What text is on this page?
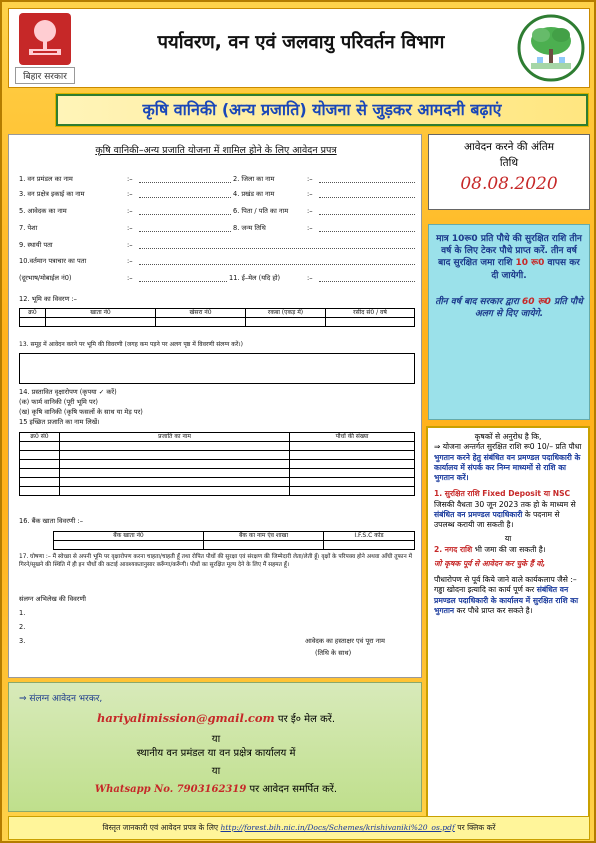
बिहार सरकार
पर्यावरण, वन एवं जलवायु परिवर्तन विभाग
कृषि वानिकी (अन्य प्रजाति) योजना से जुड़कर आमदनी बढ़ाएं
कृषि वानिकी–अन्य प्रजाति योजना में शामिल होने के लिए आवेदन प्रपत्र
1. वन प्रमंडल का नाम	:–	2. जिला का नाम	:–
3. वन प्रक्षेत्र इकाई का नाम	:–	4. प्रखंड का नाम	:–
5. आवेदक का नाम	:–	6. पिता / पति का नाम	:–
7. पेशा	:–	8. जन्म तिथि	:–
9. स्थायी पता	:–
10.वर्तमान पत्राचार का पता	:–
(दूरभाष/मोबाईल नं0)	:–	11. ई–मेल (यदि हो)	:–
12. भूमि का विवरण :–
क्र0	खाता नं0	खेसरा नं0	रकबा (एकड़ में)	रसीद सं0 / वर्ष

13. समूह में आवेदन करने पर भूमि की विवरणी (जगह कम पड़ने पर अलग पृष्ठ में विवरणी संलग्न करें।)
14. प्रस्तावित वृक्षारोपण (कृपया ✓ करें)
(क) फार्म वानिकी (पूरी भूमि पर)
(ख) कृषि वानिकी (कृषि फसलों के साथ या मेड़ पर)
15 इच्छित प्रजाति का नाम लिखें।
क्र0 सं0	प्रजाति का नाम	पौधों की संख्या

16. बैंक खाता विवरणी :–
बैंक खाता नं0	बैंक का नाम एंव शाखा	I.F.S.C कोड

17. घोषणा :– मैं स्वेच्छा से अपनी भूमि पर वृक्षारोपण करना चाहता/चाहती हूँ तथा रोपित पौधों की सुरक्षा एवं संरक्षण की जिम्मेदारी लेता/लेती हूँ। वृक्षों के परिपक्व होने अथवा आँधी तूफान में गिरने/सूखने की स्थिति में ही इन पौधों की कटाई आवश्यकतानुसार करूँगा/करूँगी। पौधों का सुरक्षित मूल्य देने के लिए मैं सहमत हूँ।
संलग्न अभिलेख की विवरणी
1.
2.
3.	आवेदक का हस्ताक्षर एवं पूरा नाम
(तिथि के साथ)
आवेदन करने की अंतिम
तिथि
08.08.2020

मात्र 10रू0 प्रति पौधे की सुरक्षित राशि तीन वर्ष के लिए टेकर पौधे प्राप्त करें. तीन वर्ष बाद सुरक्षित जमा राशि 10 रू0 वापस कर दी जायेगी.

तीन वर्ष बाद सरकार द्वारा 60 रू0 प्रति पौधे अलग से दिए जायेगे.

कृषकों से अनुरोध है कि,
⇒ योजना अन्तर्गत सुरक्षित राशि रू0 10/– प्रति पौधा भुगतान करने हेतु संबंधित वन प्रमण्डल पदाधिकारी के कार्यालय में संपर्क कर निम्न माध्यमों से राशि का भुगतान करें।
1. सुरक्षित राशि Fixed Deposit या NSC जिसकी वैधता 30 जून 2023 तक हो के माध्यम से संबंधित वन प्रमण्डल पदाधिकारी के पदनाम से उपलब्ध करायी जा सकती है।
या
2. नगद राशि भी जमा की जा सकती है।
जो कृषक पूर्व से आवेदन कर चुके हैं वो,
पौधारोपण से पूर्व किये जाने वाले कार्यकलाप जैसे :– गड्ढा खोदना इत्यादि का कार्य पूर्ण कर संबंधित वन प्रमण्डल पदाधिकारी के कार्यालय में सुरक्षित राशि का भुगतान कर पौधे प्राप्त कर सकते है।
⇒ संलग्न आवेदन भरकर,
hariyalimission@gmail.com पर ई० मेल करें.
या
स्थानीय वन प्रमंडल या वन प्रक्षेत्र कार्यालय में
या
Whatsapp No. 7903162319 पर आवेदन समर्पित करें.
विस्तृत जानकारी एवं आवेदन प्रपत्र के लिए http://forest.bih.nic.in/Docs/Schemes/krishivaniki%20_os.pdf पर क्लिक करें
